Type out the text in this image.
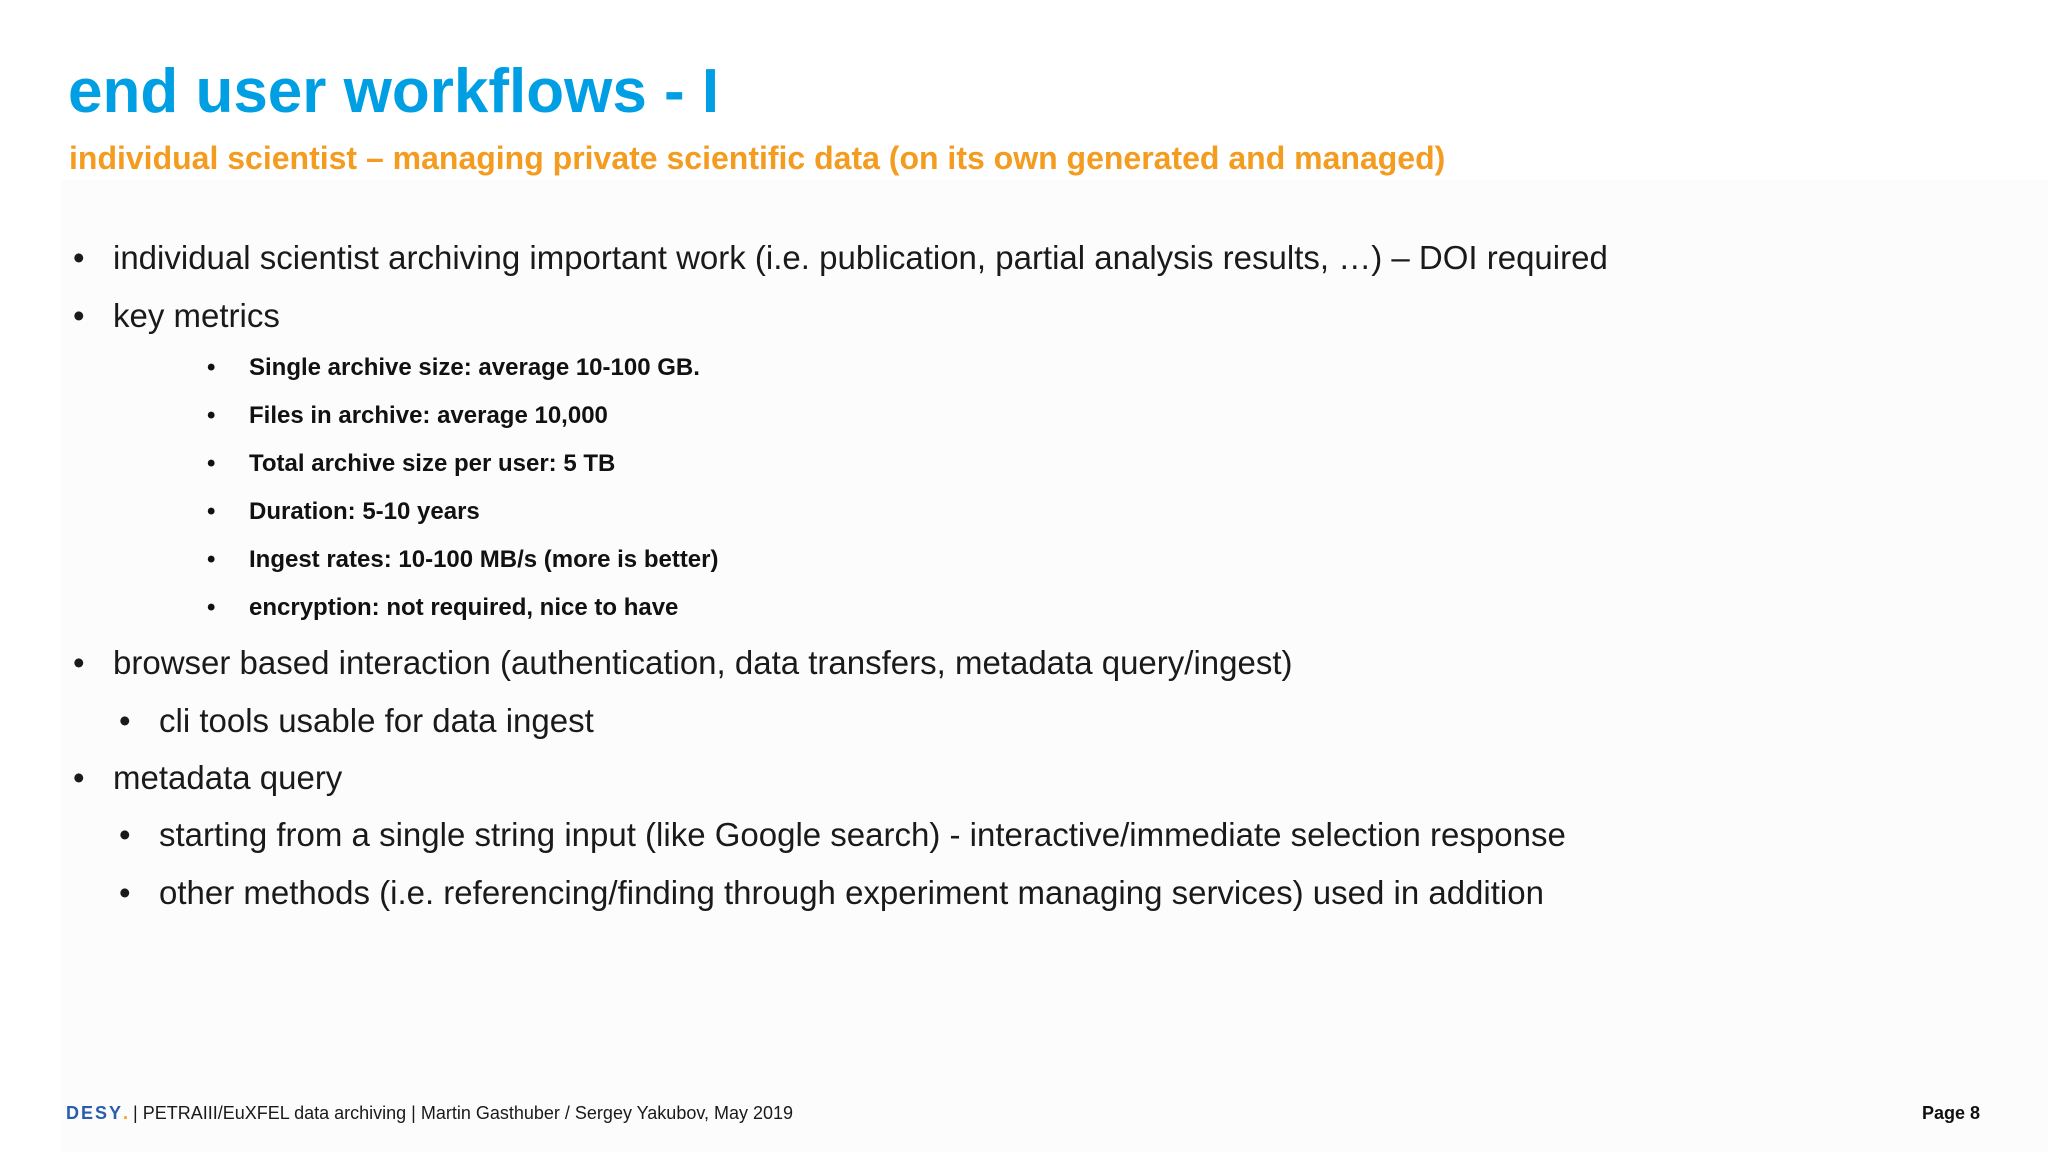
end user workflows - I
individual scientist – managing private scientific data (on its own generated and managed)
• individual scientist archiving important work (i.e. publication, partial analysis results, …) – DOI required
• key metrics
• Single archive size: average 10-100 GB.
• Files in archive: average 10,000
• Total archive size per user: 5 TB
• Duration: 5-10 years
• Ingest rates: 10-100 MB/s (more is better)
• encryption: not required, nice to have
• browser based interaction (authentication, data transfers, metadata query/ingest)
• cli tools usable for data ingest
• metadata query
• starting from a single string input (like Google search) - interactive/immediate selection response
• other methods (i.e. referencing/finding through experiment managing services) used in addition
DESY. | PETRAIII/EuXFEL data archiving | Martin Gasthuber / Sergey Yakubov, May 2019	Page 8
